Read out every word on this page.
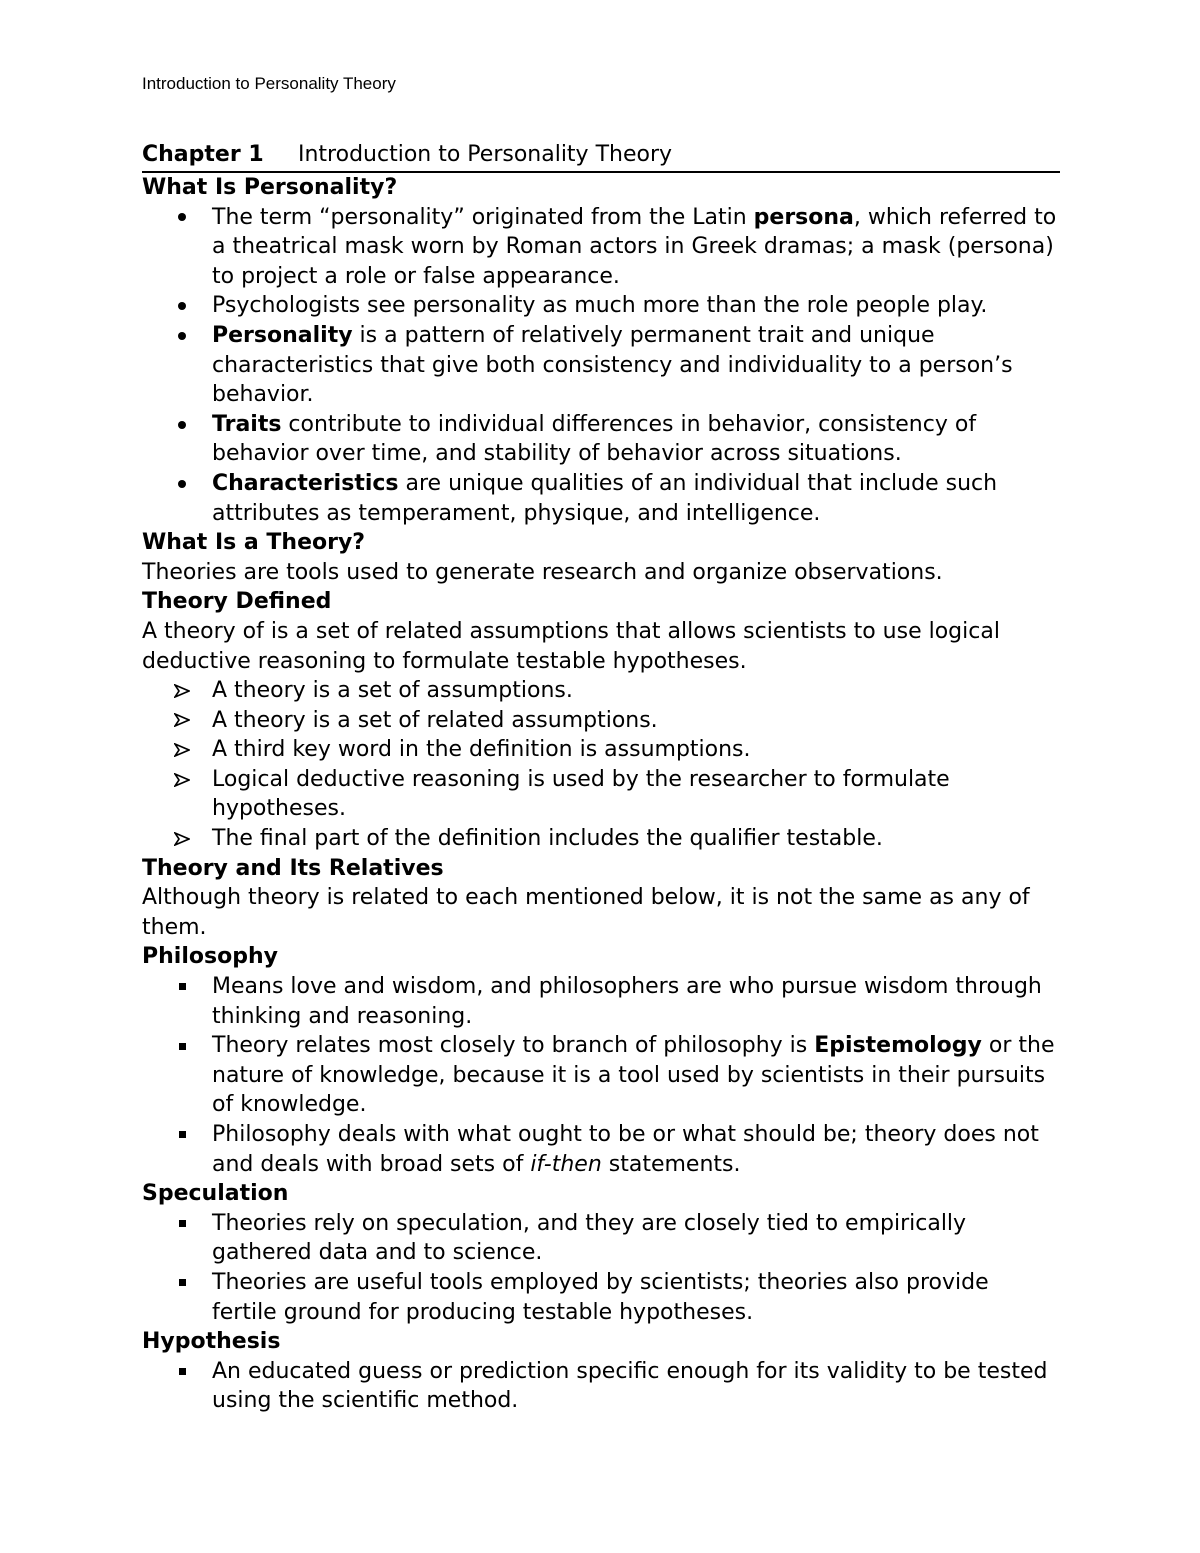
Introduction to Personality Theory
Chapter 1 Introduction to Personality Theory
What Is Personality?
The term “personality” originated from the Latin persona, which referred to a theatrical mask worn by Roman actors in Greek dramas; a mask (persona) to project a role or false appearance.
Psychologists see personality as much more than the role people play.
Personality is a pattern of relatively permanent trait and unique characteristics that give both consistency and individuality to a person’s behavior.
Traits contribute to individual differences in behavior, consistency of behavior over time, and stability of behavior across situations.
Characteristics are unique qualities of an individual that include such attributes as temperament, physique, and intelligence.
What Is a Theory?
Theories are tools used to generate research and organize observations.
Theory Defined
A theory of is a set of related assumptions that allows scientists to use logical deductive reasoning to formulate testable hypotheses.
A theory is a set of assumptions.
A theory is a set of related assumptions.
A third key word in the definition is assumptions.
Logical deductive reasoning is used by the researcher to formulate hypotheses.
The final part of the definition includes the qualifier testable.
Theory and Its Relatives
Although theory is related to each mentioned below, it is not the same as any of them.
Philosophy
Means love and wisdom, and philosophers are who pursue wisdom through thinking and reasoning.
Theory relates most closely to branch of philosophy is Epistemology or the nature of knowledge, because it is a tool used by scientists in their pursuits of knowledge.
Philosophy deals with what ought to be or what should be; theory does not and deals with broad sets of if-then statements.
Speculation
Theories rely on speculation, and they are closely tied to empirically gathered data and to science.
Theories are useful tools employed by scientists; theories also provide fertile ground for producing testable hypotheses.
Hypothesis
An educated guess or prediction specific enough for its validity to be tested using the scientific method.
